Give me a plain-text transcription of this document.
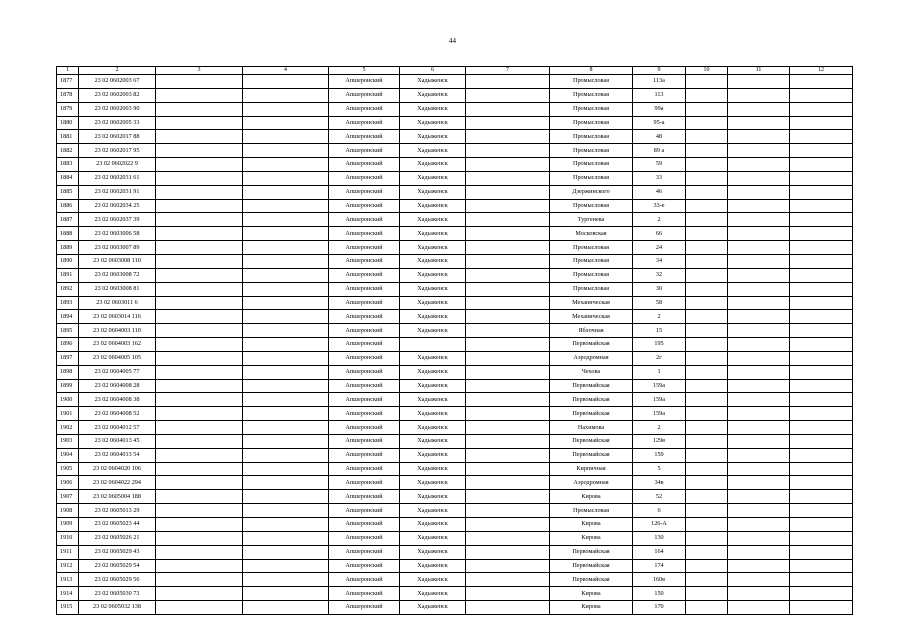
44
1	2	3	4	5	6	7	8	9	10	11	12
1877	23 02 0602003 67			Апшеронский	Хадыженск		Промысловая	113а			
1878	23 02 0602003 82			Апшеронский	Хадыженск		Промысловая	113			
1879	23 02 0602003 90			Апшеронский	Хадыженск		Промысловая	99а			
1880	23 02 0602005 33			Апшеронский	Хадыженск		Промысловая	95-а			
1881	23 02 0602017 88			Апшеронский	Хадыженск		Промысловая	48			
1882	23 02 0602017 95			Апшеронский	Хадыженск		Промысловая	89 а			
1883	23 02 0602022 9			Апшеронский	Хадыженск		Промысловая	59			
1884	23 02 0602031 61			Апшеронский	Хадыженск		Промысловая	33			
1885	23 02 0602031 91			Апшеронский	Хадыженск		Дзержинского	46			
1886	23 02 0602034 25			Апшеронский	Хадыженск		Промысловая	33-е			
1887	23 02 0602037 39			Апшеронский	Хадыженск		Тургенева	2			
1888	23 02 0603006 58			Апшеронский	Хадыженск		Московская	66			
1889	23 02 0603007 89			Апшеронский	Хадыженск		Промысловая	24			
1890	23 02 0603008 110			Апшеронский	Хадыженск		Промысловая	34			
1891	23 02 0603008 72			Апшеронский	Хадыженск		Промысловая	32			
1892	23 02 0603008 81			Апшеронский	Хадыженск		Промысловая	30			
1893	23 02 0603011 6			Апшеронский	Хадыженск		Механическая	58			
1894	23 02 0603014 116			Апшеронский	Хадыженск		Механическая	2			
1895	23 02 0604003 110			Апшеронский	Хадыженск		Яблочная	15			
1896	23 02 0604003 162			Апшеронский			Первомайская	195			
1897	23 02 0604005 105			Апшеронский	Хадыженск		Аэродромная	2г			
1898	23 02 0604005 77			Апшеронский	Хадыженск		Чехова	1			
1899	23 02 0604008 28			Апшеронский	Хадыженск		Первомайская	159а			
1900	23 02 0604008 38			Апшеронский	Хадыженск		Первомайская	159а			
1901	23 02 0604008 52			Апшеронский	Хадыженск		Первомайская	159а			
1902	23 02 0604012 57			Апшеронский	Хадыженск		Нахимова	2			
1903	23 02 0604013 45			Апшеронский	Хадыженск		Первомайская	129в			
1904	23 02 0604013 54			Апшеронский	Хадыженск		Первомайская	159			
1905	23 02 0604020 106			Апшеронский	Хадыженск		Кирпичная	5			
1906	23 02 0604022 294			Апшеронский	Хадыженск		Аэродромная	34в			
1907	23 02 0605004 188			Апшеронский	Хадыженск		Кирова	52			
1908	23 02 0605013 29			Апшеронский	Хадыженск		Промысловая	6			
1909	23 02 0605023 44			Апшеронский	Хадыженск		Кирова	126-А			
1910	23 02 0605026 21			Апшеронский	Хадыженск		Кирова	130			
1911	23 02 0605029 43			Апшеронский	Хадыженск		Первомайская	164			
1912	23 02 0605029 54			Апшеронский	Хадыженск		Первомайская	174			
1913	23 02 0605029 56			Апшеронский	Хадыженск		Первомайская	160в			
1914	23 02 0605030 73			Апшеронский	Хадыженск		Кирова	150			
1915	23 02 0605032 138			Апшеронский	Хадыженск		Кирова	170			
